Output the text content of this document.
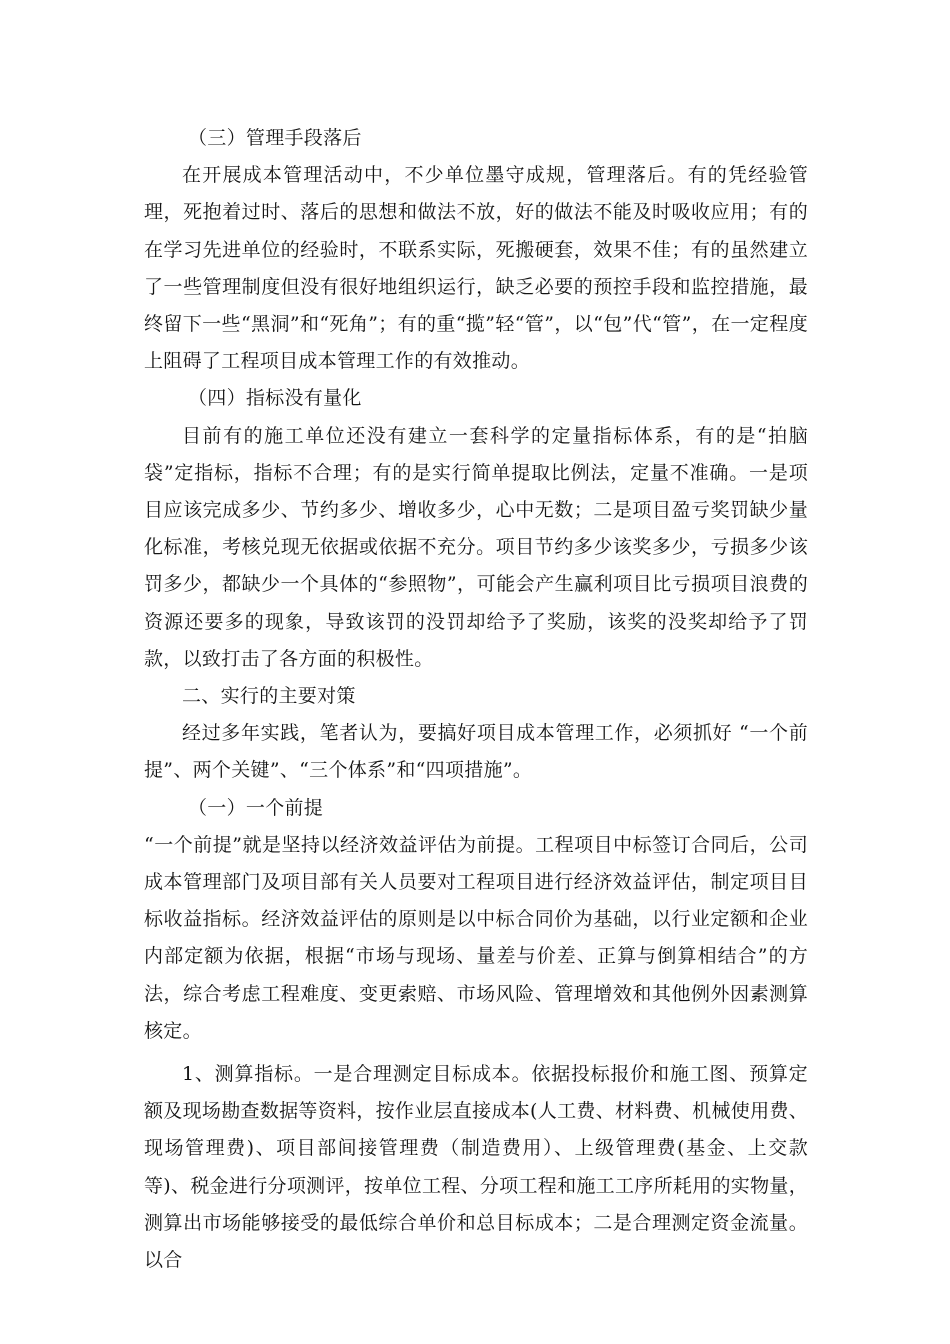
（三）管理手段落后

在开展成本管理活动中，不少单位墨守成规，管理落后。有的凭经验管理，死抱着过时、落后的思想和做法不放，好的做法不能及时吸收应用；有的在学习先进单位的经验时，不联系实际，死搬硬套，效果不佳；有的虽然建立了一些管理制度但没有很好地组织运行，缺乏必要的预控手段和监控措施，最终留下一些“黑洞”和“死角”；有的重“揽”轻“管”，以“包”代“管”，在一定程度上阻碍了工程项目成本管理工作的有效推动。

（四）指标没有量化

目前有的施工单位还没有建立一套科学的定量指标体系，有的是“拍脑袋”定指标，指标不合理；有的是实行简单提取比例法，定量不准确。一是项目应该完成多少、节约多少、增收多少，心中无数；二是项目盈亏奖罚缺少量化标准，考核兑现无依据或依据不充分。项目节约多少该奖多少，亏损多少该罚多少，都缺少一个具体的“参照物”，可能会产生赢利项目比亏损项目浪费的资源还要多的现象，导致该罚的没罚却给予了奖励，该奖的没奖却给予了罚款，以致打击了各方面的积极性。

二、实行的主要对策

经过多年实践，笔者认为，要搞好项目成本管理工作，必须抓好 “一个前提”、两个关键”、“三个体系”和“四项措施”。

（一）一个前提

“一个前提”就是坚持以经济效益评估为前提。工程项目中标签订合同后，公司成本管理部门及项目部有关人员要对工程项目进行经济效益评估，制定项目目标收益指标。经济效益评估的原则是以中标合同价为基础，以行业定额和企业内部定额为依据，根据“市场与现场、量差与价差、正算与倒算相结合”的方法，综合考虑工程难度、变更索赔、市场风险、管理增效和其他例外因素测算核定。

1、测算指标。一是合理测定目标成本。依据投标报价和施工图、预算定额及现场勘查数据等资料，按作业层直接成本(人工费、材料费、机械使用费、现场管理费)、项目部间接管理费（制造费用）、上级管理费(基金、上交款等)、税金进行分项测评，按单位工程、分项工程和施工工序所耗用的实物量，测算出市场能够接受的最低综合单价和总目标成本；二是合理测定资金流量。以合
